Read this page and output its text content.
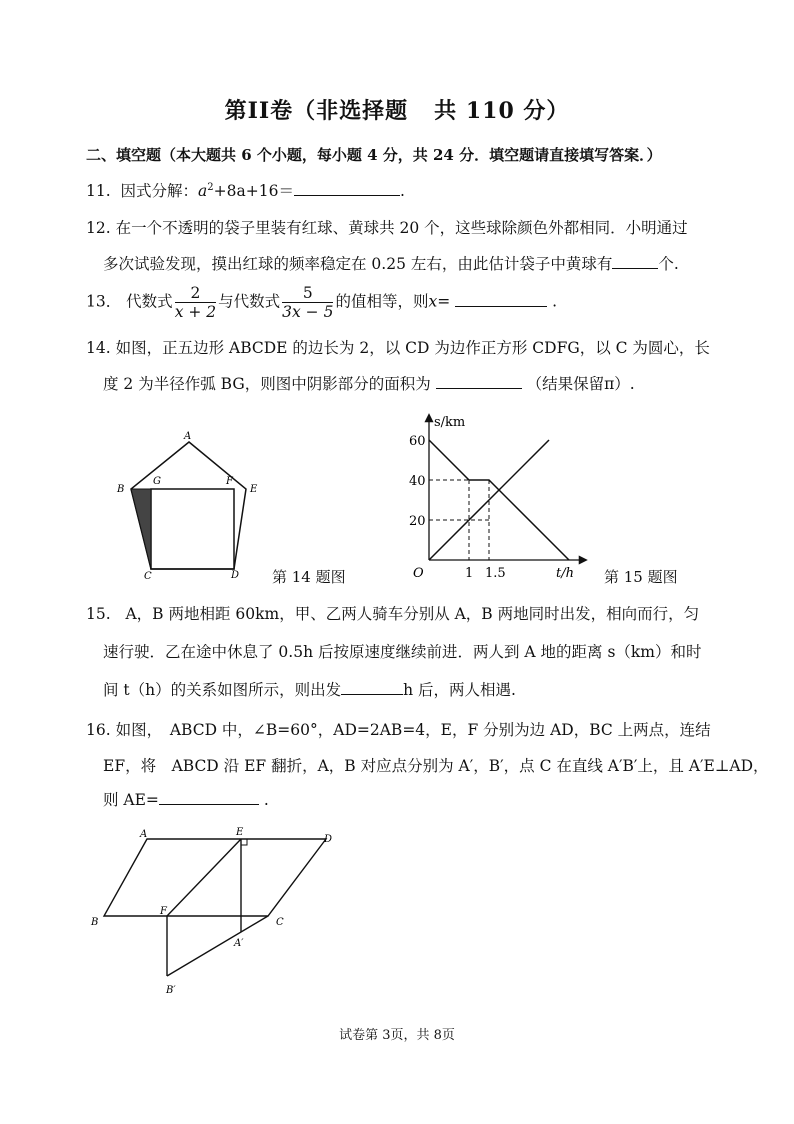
第II卷（非选择题 共 110 分）
二、填空题（本大题共 6 个小题，每小题 4 分，共 24 分．填空题请直接填写答案．）
11. 因式分解：$a^2+8a+16=$	.
12. 在一个不透明的袋子里装有红球、黄球共 20 个，这些球除颜色外都相同．小明通过
多次试验发现，摸出红球的频率稳定在 0.25 左右，由此估计袋子中黄球有	个.
13． 代数式 $\frac{2}{x + 2}$ 与代数式 $\frac{5}{3x - 5}$ 的值相等，则x=	.
14. 如图，正五边形 ABCDE 的边长为 2，以 CD 为边作正方形 CDFG，以 C 为圆心，长
度 2 为半径作弧 BG，则图中阴影部分的面积为	（结果保留π）.
A
B
C	D
E
F
G
第 14 题图
s/km
t/h
O
20
40
60
1 1.5	第 15 题图
15. A，B 两地相距 60km，甲、乙两人骑车分别从 A，B 两地同时出发，相向而行，匀
速行驶．乙在途中休息了 0.5h 后按原速度继续前进．两人到 A 地的距离 s（km）和时
间 t（h）的关系如图所示，则出发	h 后，两人相遇.
16. 如图，　ABCD 中，∠B=60°，AD=2AB=4，E，F 分别为边 AD，BC 上两点，连结
EF，将　ABCD 沿 EF 翻折，A，B 对应点分别为 A′，B′，点 C 在直线 A′B′上，且 A′E⊥AD，
则 AE=	.
A	E
D
B
F
C
A′
B′
试卷第 3页，共 8页
